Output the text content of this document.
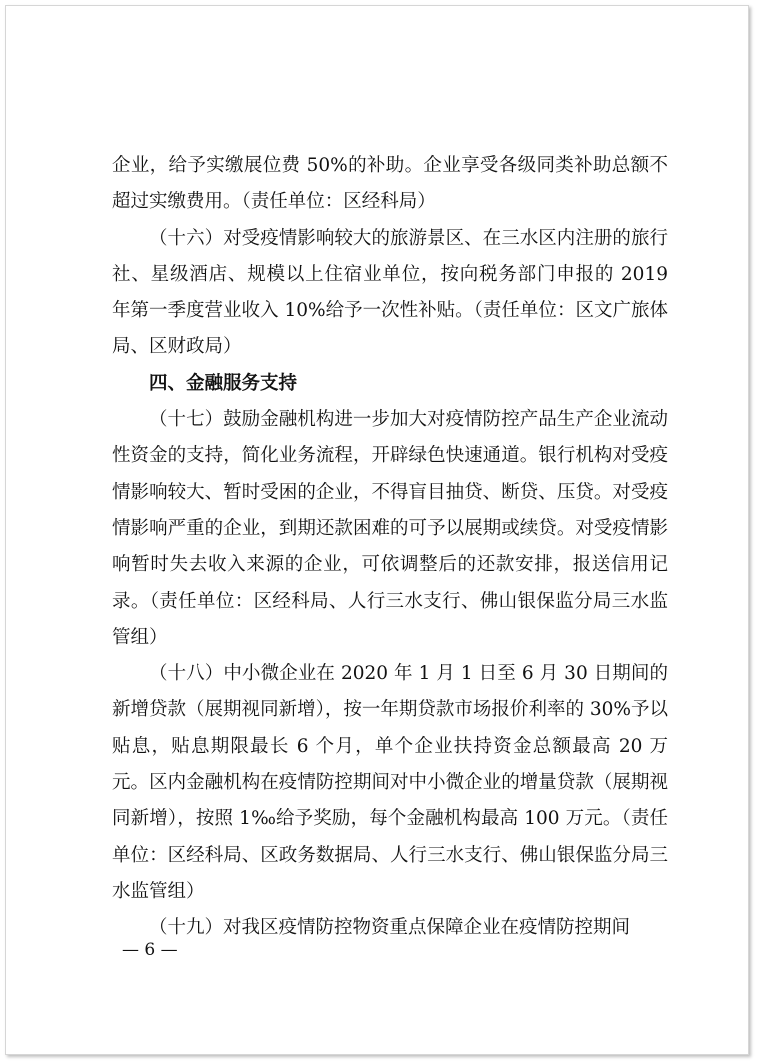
企业，给予实缴展位费 50%的补助。企业享受各级同类补助总额不超过实缴费用。（责任单位：区经科局）

（十六）对受疫情影响较大的旅游景区、在三水区内注册的旅行社、星级酒店、规模以上住宿业单位，按向税务部门申报的 2019 年第一季度营业收入 10%给予一次性补贴。（责任单位：区文广旅体局、区财政局）

四、金融服务支持

（十七）鼓励金融机构进一步加大对疫情防控产品生产企业流动性资金的支持，简化业务流程，开辟绿色快速通道。银行机构对受疫情影响较大、暂时受困的企业，不得盲目抽贷、断贷、压贷。对受疫情影响严重的企业，到期还款困难的可予以展期或续贷。对受疫情影响暂时失去收入来源的企业，可依调整后的还款安排，报送信用记录。（责任单位：区经科局、人行三水支行、佛山银保监分局三水监管组）

（十八）中小微企业在 2020 年 1 月 1 日至 6 月 30 日期间的新增贷款（展期视同新增），按一年期贷款市场报价利率的 30%予以贴息，贴息期限最长 6 个月，单个企业扶持资金总额最高 20 万元。区内金融机构在疫情防控期间对中小微企业的增量贷款（展期视同新增），按照 1‰给予奖励，每个金融机构最高 100 万元。（责任单位：区经科局、区政务数据局、人行三水支行、佛山银保监分局三水监管组）

（十九）对我区疫情防控物资重点保障企业在疫情防控期间

— 6 —
